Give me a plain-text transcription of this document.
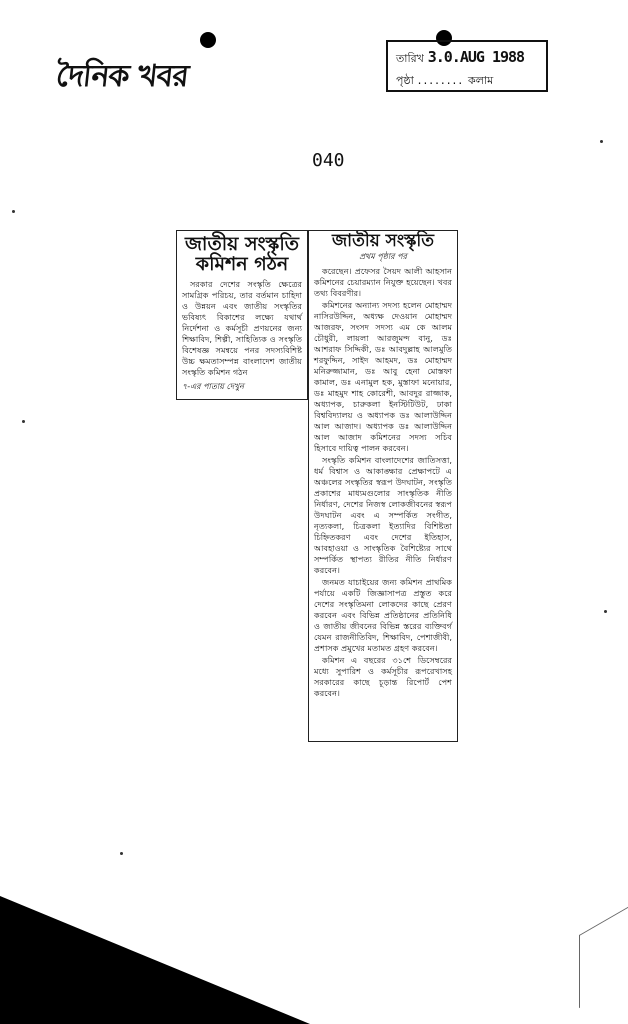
দৈনিক খবর
তারিখ 3.0.AUG 1988
পৃষ্ঠা ........ কলাম
040
জাতীয় সংস্কৃতি কমিশন গঠন

সরকার দেশের সংস্কৃতি ক্ষেত্রের সামগ্রিক পরিচয়, তার বর্তমান চাহিদা ও উন্নয়ন এবং জাতীয় সংস্কৃতির ভবিষ্যৎ বিকাশের লক্ষ্যে যথার্থ নির্দেশনা ও কর্মসূচী প্রণয়নের জন্য শিক্ষাবিদ, শিল্পী, সাহিত্যিক ও সংস্কৃতি বিশেষজ্ঞ সমন্বয়ে পনর সদস্যবিশিষ্ট উচ্চ ক্ষমতাসম্পন্ন বাংলাদেশ জাতীয় সংস্কৃতি কমিশন গঠন

৭-এর পাতায় দেখুন
জাতীয় সংস্কৃতি
প্রথম পৃষ্ঠার পর

করেছেন। প্রফেসর সৈয়দ আলী আহসান কমিশনের চেয়ারম্যান নিযুক্ত হয়েছেন। খবর তথ্য বিবরণীর।

কমিশনের অন্যান্য সদস্য হলেন মোহাম্মদ নাসিরউদ্দিন, অধ্যক্ষ দেওয়ান মোহাম্মদ আজরফ, সংসদ সদস্য এম কে আলম চৌধুরী, লায়লা আরজুমন্দ বানু, ডঃ আশরাফ সিদ্দিকী, ডঃ আবদুল্লাহ আলমুতি শরফুদ্দিন, সাইদ আহমদ, ডঃ মোহাম্মদ মনিরুজ্জামান, ডঃ আবু হেনা মোস্তফা কামাল, ডঃ এনামুল হক, মুস্তাফা মনোয়ার, ডঃ মাহমুদ শাহ কোরেশী, আবদুর রাজ্জাক, অধ্যাপক, চারুকলা ইনস্টিটিউট, ঢাকা বিশ্ববিদ্যালয় ও অধ্যাপক ডঃ আলাউদ্দিন আল আজাদ। অধ্যাপক ডঃ আলাউদ্দিন আল আজাদ কমিশনের সদস্য সচিব হিসাবে দায়িত্ব পালন করবেন।

সংস্কৃতি কমিশন বাংলাদেশের জাতিসত্তা, ধর্ম বিশ্বাস ও আকাঙ্ক্ষার প্রেক্ষাপটে এ অঞ্চলের সংস্কৃতির স্বরূপ উদঘাটন, সংস্কৃতি প্রকাশের মাধ্যমগুলোর সাংস্কৃতিক নীতি নির্ধারণ, দেশের নিজস্ব লোকজীবনের স্বরূপ উদঘাটন এবং এ সম্পর্কিত সংগীত, নৃত্যকলা, চিত্রকলা ইত্যাদির বিশিষ্টতা চিহ্নিতকরণ এবং দেশের ইতিহাস, আবহাওয়া ও সাংস্কৃতিক বৈশিষ্ট্যের সাথে সম্পর্কিত স্থাপত্য রীতির নীতি নির্ধারণ করবেন।

জনমত যাচাইয়ের জন্য কমিশন প্রাথমিক পর্যায়ে একটি জিজ্ঞাসাপত্র প্রস্তুত করে দেশের সংস্কৃতিমনা লোকদের কাছে প্রেরণ করবেন এবং বিভিন্ন প্রতিষ্ঠানের প্রতিনিধি ও জাতীয় জীবনের বিভিন্ন স্তরের ব্যক্তিবর্গ যেমন রাজনীতিবিদ, শিক্ষাবিদ, পেশাজীবী, প্রশাসক প্রমুখের মতামত গ্রহণ করবেন।

কমিশন এ বছরের ৩১শে ডিসেম্বরের মধ্যে সুপারিশ ও কর্মসূচীর রূপরেখাসহ সরকারের কাছে চূড়ান্ত রিপোর্ট পেশ করবেন।
